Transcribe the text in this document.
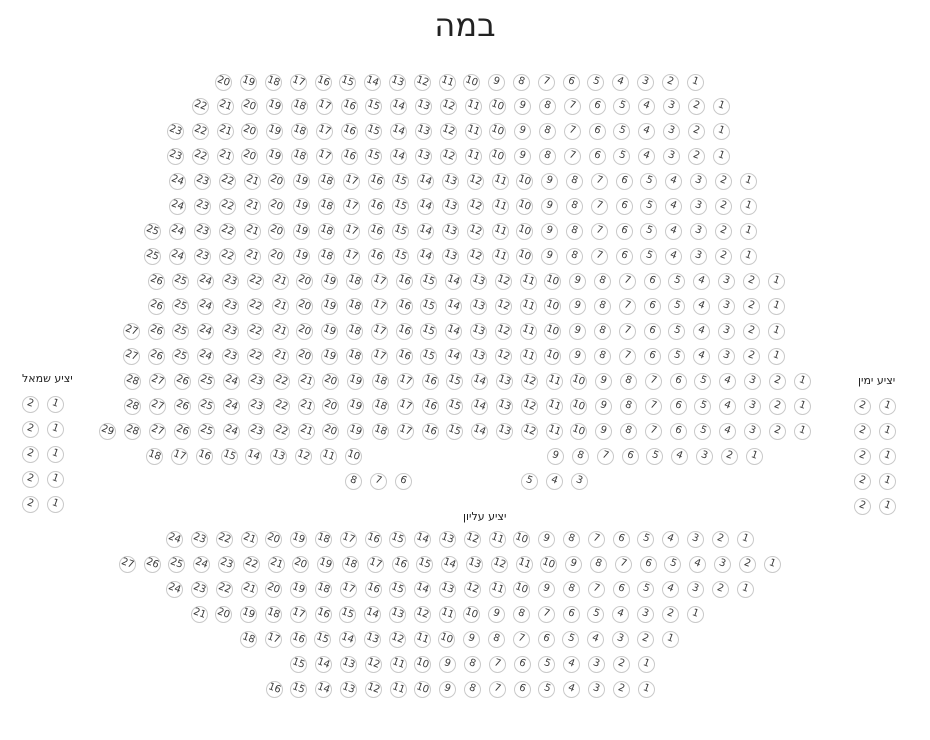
במה
יציע שמאל	יציע ימין
יציע עליון
20 19 18 17 16 15 14 13 12 11 10 9 8 7 6 5 4 3 2 1
22 21 20 19 18 17 16 15 14 13 12 11 10 9 8 7 6 5 4 3 2 1
23 22 21 20 19 18 17 16 15 14 13 12 11 10 9 8 7 6 5 4 3 2 1
23 22 21 20 19 18 17 16 15 14 13 12 11 10 9 8 7 6 5 4 3 2 1
24 23 22 21 20 19 18 17 16 15 14 13 12 11 10 9 8 7 6 5 4 3 2 1
24 23 22 21 20 19 18 17 16 15 14 13 12 11 10 9 8 7 6 5 4 3 2 1
25 24 23 22 21 20 19 18 17 16 15 14 13 12 11 10 9 8 7 6 5 4 3 2 1
25 24 23 22 21 20 19 18 17 16 15 14 13 12 11 10 9 8 7 6 5 4 3 2 1
26 25 24 23 22 21 20 19 18 17 16 15 14 13 12 11 10 9 8 7 6 5 4 3 2 1
26 25 24 23 22 21 20 19 18 17 16 15 14 13 12 11 10 9 8 7 6 5 4 3 2 1
27 26 25 24 23 22 21 20 19 18 17 16 15 14 13 12 11 10 9 8 7 6 5 4 3 2 1
27 26 25 24 23 22 21 20 19 18 17 16 15 14 13 12 11 10 9 8 7 6 5 4 3 2 1
28 27 26 25 24 23 22 21 20 19 18 17 16 15 14 13 12 11 10 9 8 7 6 5 4 3 2 1
28 27 26 25 24 23 22 21 20 19 18 17 16 15 14 13 12 11 10 9 8 7 6 5 4 3 2 1
29 28 27 26 25 24 23 22 21 20 19 18 17 16 15 14 13 12 11 10 9 8 7 6 5 4 3 2 1
18 17 16 15 14 13 12 11 10	9 8 7 6 5 4 3 2 1
8 7 6	5 4 3
2 1
2 1
2 1
2 1
2 1
2 1
2 1
2 1
2 1
2 1
24 23 22 21 20 19 18 17 16 15 14 13 12 11 10 9 8 7 6 5 4 3 2 1
27 26 25 24 23 22 21 20 19 18 17 16 15 14 13 12 11 10 9 8 7 6 5 4 3 2 1
24 23 22 21 20 19 18 17 16 15 14 13 12 11 10 9 8 7 6 5 4 3 2 1
21 20 19 18 17 16 15 14 13 12 11 10 9 8 7 6 5 4 3 2 1
18 17 16 15 14 13 12 11 10 9 8 7 6 5 4 3 2 1
15 14 13 12 11 10 9 8 7 6 5 4 3 2 1
16 15 14 13 12 11 10 9 8 7 6 5 4 3 2 1
